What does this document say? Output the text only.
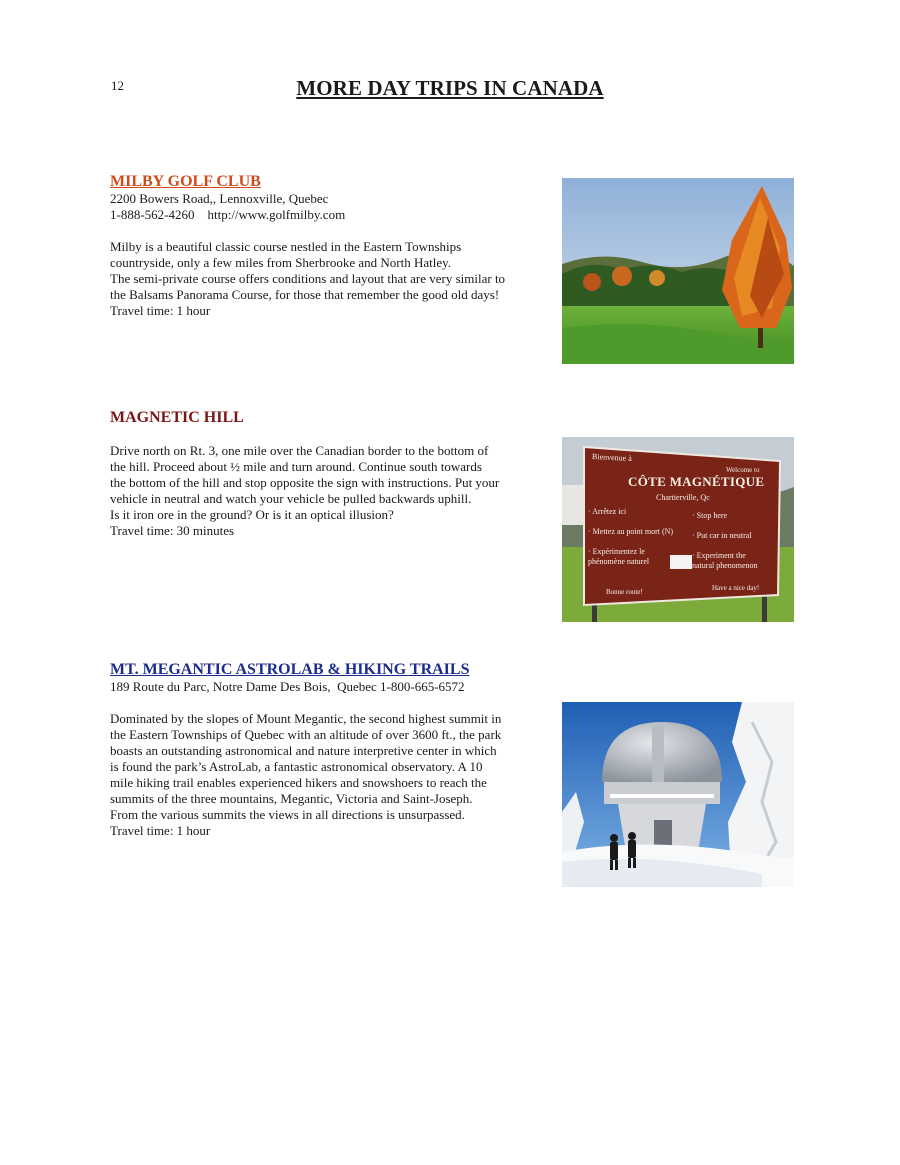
12	MORE DAY TRIPS IN CANADA
MILBY GOLF CLUB
2200 Bowers Road,, Lennoxville, Quebec
1-888-562-4260    http://www.golfmilby.com
Milby is a beautiful classic course nestled in the Eastern Townships
countryside, only a few miles from Sherbrooke and North Hatley.
The semi-private course offers conditions and layout that are very similar to
the Balsams Panorama Course, for those that remember the good old days!
Travel time: 1 hour
MAGNETIC HILL
Drive north on Rt. 3, one mile over the Canadian border to the bottom of
the hill. Proceed about ½ mile and turn around. Continue south towards
the bottom of the hill and stop opposite the sign with instructions. Put your
vehicle in neutral and watch your vehicle be pulled backwards uphill.
Is it iron ore in the ground? Or is it an optical illusion?
Travel time: 30 minutes
Bienvenue à
Welcome to
CÔTE MAGNÉTIQUE
Chartierville, Qc
· Arrêtez ici
· Mettez au point mort (N)
· Expérimentez le
phénomène naturel
· Stop here
· Put car in neutral
· Experiment the
natural phenomenon
Bonne route!	Have a nice day!
MT. MEGANTIC ASTROLAB & HIKING TRAILS
189 Route du Parc, Notre Dame Des Bois,  Quebec 1-800-665-6572
Dominated by the slopes of Mount Megantic, the second highest summit in
the Eastern Townships of Quebec with an altitude of over 3600 ft., the park
boasts an outstanding astronomical and nature interpretive center in which
is found the park’s AstroLab, a fantastic astronomical observatory. A 10
mile hiking trail enables experienced hikers and snowshoers to reach the
summits of the three mountains, Megantic, Victoria and Saint-Joseph.
From the various summits the views in all directions is unsurpassed.
Travel time: 1 hour
